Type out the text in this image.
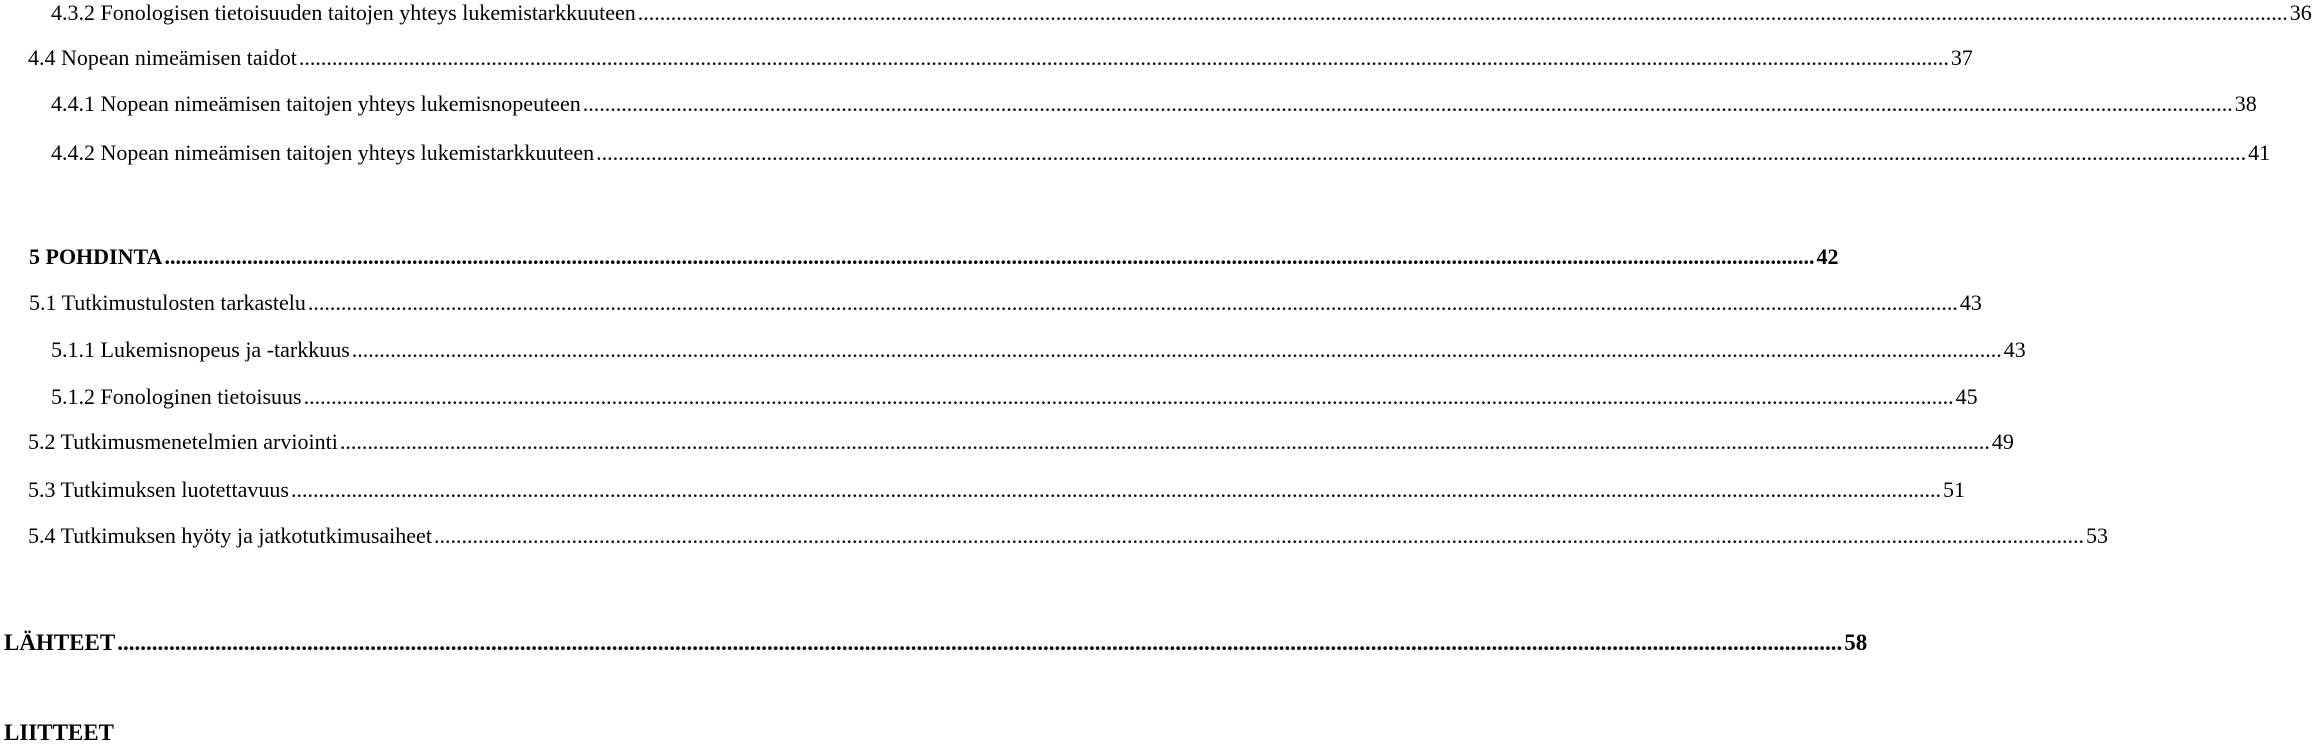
4.3.2 Fonologisen tietoisuuden taitojen yhteys lukemistarkkuuteen ............................................................................................................................................................................................................................................................................................................ 36
4.4 Nopean nimeämisen taidot ............................................................................................................................................................................................................................................................................................................ 37
4.4.1 Nopean nimeämisen taitojen yhteys lukemisnopeuteen ............................................................................................................................................................................................................................................................................................................ 38
4.4.2 Nopean nimeämisen taitojen yhteys lukemistarkkuuteen ............................................................................................................................................................................................................................................................................................................ 41
5 POHDINTA ............................................................................................................................................................................................................................................................................................................ 42
5.1 Tutkimustulosten tarkastelu ............................................................................................................................................................................................................................................................................................................ 43
5.1.1 Lukemisnopeus ja -tarkkuus ............................................................................................................................................................................................................................................................................................................ 43
5.1.2 Fonologinen tietoisuus ............................................................................................................................................................................................................................................................................................................ 45
5.2 Tutkimusmenetelmien arviointi ............................................................................................................................................................................................................................................................................................................ 49
5.3 Tutkimuksen luotettavuus ............................................................................................................................................................................................................................................................................................................ 51
5.4 Tutkimuksen hyöty ja jatkotutkimusaiheet ............................................................................................................................................................................................................................................................................................................ 53
LÄHTEET ............................................................................................................................................................................................................................................................................................................ 58
LIITTEET
